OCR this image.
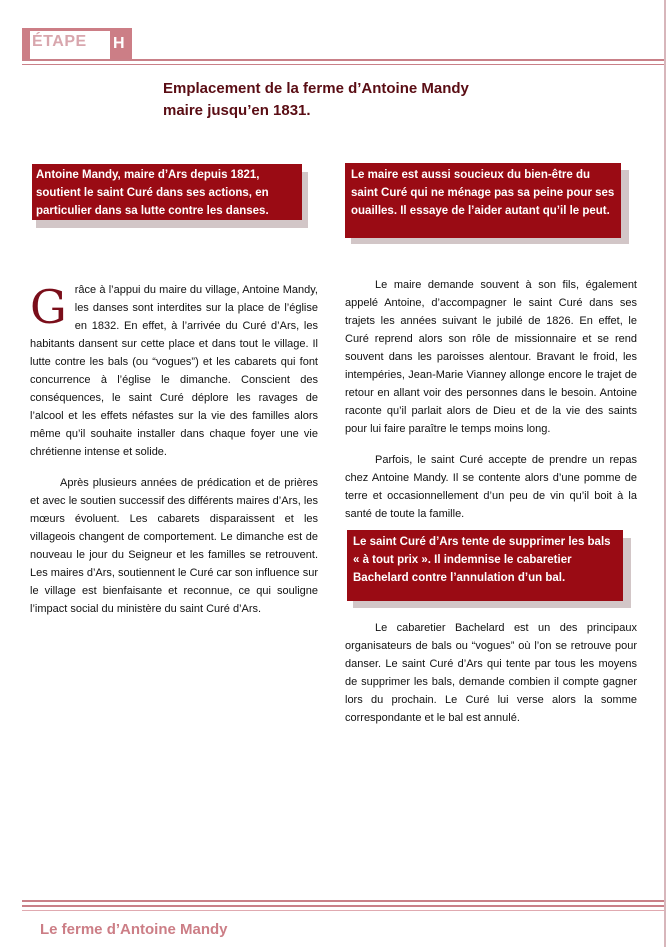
ÉTAPE	H
Emplacement de la ferme d’Antoine Mandy
maire jusqu’en 1831.
Antoine Mandy, maire d’Ars depuis 1821, soutient le saint Curé dans ses actions, en particulier dans sa lutte contre les danses.
Le maire est aussi soucieux du bien-être du saint Curé qui ne ménage pas sa peine pour ses ouailles. Il essaye de l’aider autant qu’il le peut.

Grâce à l’appui du maire du village, Antoine Mandy, les danses sont interdites sur la place de l’église en 1832. En effet, à l’arrivée du Curé d’Ars, les habitants dansent sur cette place et dans tout le village. Il lutte contre les bals (ou “vogues”) et les cabarets qui font concurrence à l’église le dimanche. Conscient des conséquences, le saint Curé déplore les ravages de l’alcool et les effets néfastes sur la vie des familles alors même qu’il souhaite installer dans chaque foyer une vie chrétienne intense et solide.

Après plusieurs années de prédication et de prières et avec le soutien successif des différents maires d’Ars, les mœurs évoluent. Les cabarets disparaissent et les villageois changent de comportement. Le dimanche est de nouveau le jour du Seigneur et les familles se retrouvent. Les maires d’Ars, soutiennent le Curé car son influence sur le village est bienfaisante et reconnue, ce qui souligne l’impact social du ministère du saint Curé d’Ars.

Le maire demande souvent à son fils, également appelé Antoine, d’accompagner le saint Curé dans ses trajets les années suivant le jubilé de 1826. En effet, le Curé reprend alors son rôle de missionnaire et se rend souvent dans les paroisses alentour. Bravant le froid, les intempéries, Jean-Marie Vianney allonge encore le trajet de retour en allant voir des personnes dans le besoin. Antoine raconte qu’il parlait alors de Dieu et de la vie des saints pour lui faire paraître le temps moins long.

Parfois, le saint Curé accepte de prendre un repas chez Antoine Mandy. Il se contente alors d’une pomme de terre et occasionnellement d’un peu de vin qu’il boit à la santé de toute la famille.

Le saint Curé d’Ars tente de supprimer les bals « à tout prix ». Il indemnise le cabaretier Bachelard contre l’annulation d’un bal.

Le cabaretier Bachelard est un des principaux organisateurs de bals ou “vogues” où l’on se retrouve pour danser. Le saint Curé d’Ars qui tente par tous les moyens de supprimer les bals, demande combien il compte gagner lors du prochain. Le Curé lui verse alors la somme correspondante et le bal est annulé.

Le ferme d’Antoine Mandy
